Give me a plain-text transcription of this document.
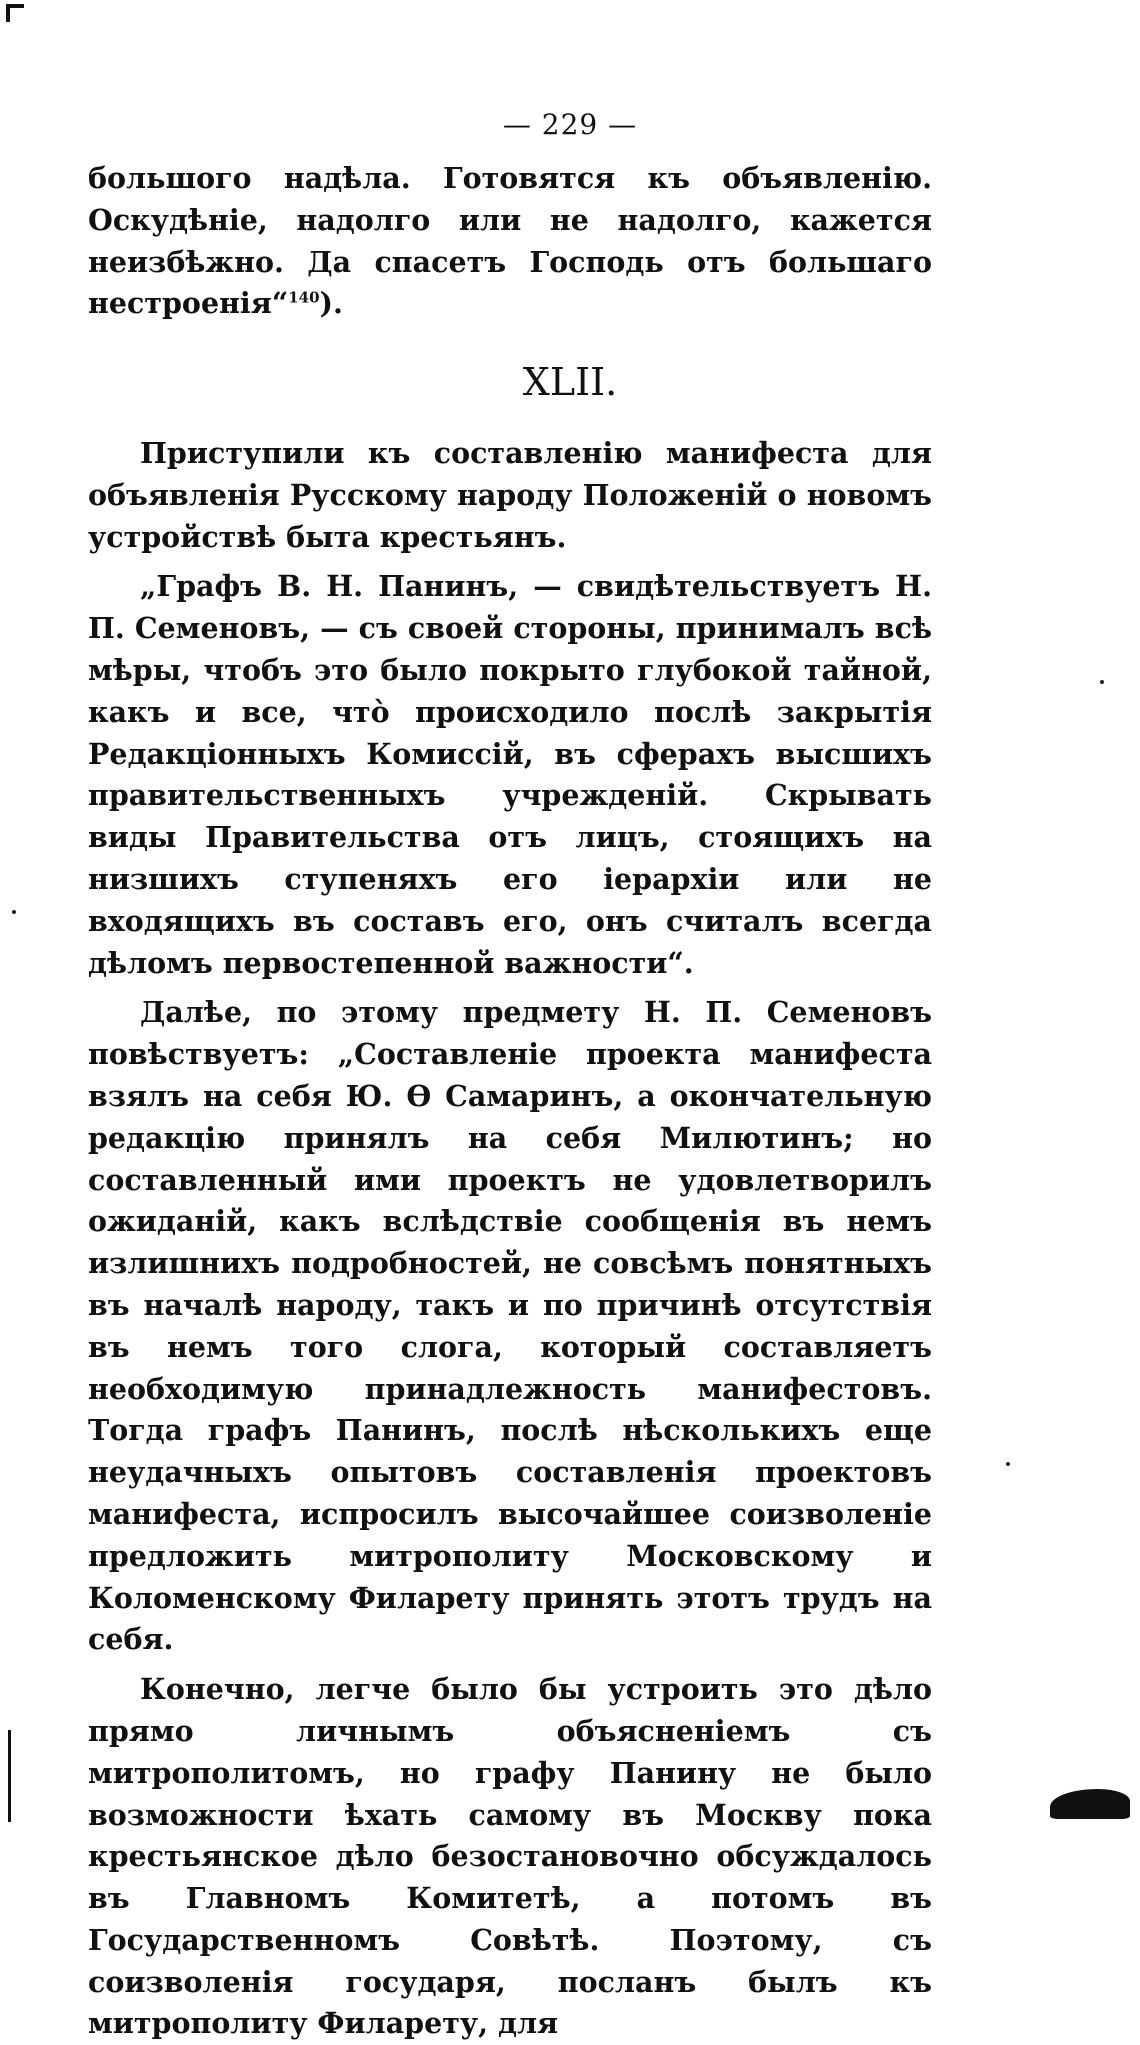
— 229 —

большого надѣла. Готовятся къ объявленію. Оскудѣніе, надолго или не надолго, кажется неизбѣжно. Да спасетъ Господь отъ большаго нестроенія“$^{140}$).

XLII.

Приступили къ составленію манифеста для объявленія Русскому народу Положеній о новомъ устройствѣ быта крестьянъ.

„Графъ В. Н. Панинъ, — свидѣтельствуетъ Н. П. Семеновъ, — съ своей стороны, принималъ всѣ мѣры, чтобъ это было покрыто глубокой тайной, какъ и все, чтò происходило послѣ закрытія Редакціонныхъ Комиссій, въ сферахъ высшихъ правительственныхъ учрежденій. Скрывать виды Правительства отъ лицъ, стоящихъ на низшихъ ступеняхъ его іерархіи или не входящихъ въ составъ его, онъ считалъ всегда дѣломъ первостепенной важности“.

Далѣе, по этому предмету Н. П. Семеновъ повѣствуетъ: „Составленіе проекта манифеста взялъ на себя Ю. Ѳ Самаринъ, а окончательную редакцію принялъ на себя Милютинъ; но составленный ими проектъ не удовлетворилъ ожиданій, какъ вслѣдствіе сообщенія въ немъ излишнихъ подробностей, не совсѣмъ понятныхъ въ началѣ народу, такъ и по причинѣ отсутствія въ немъ того слога, который составляетъ необходимую принадлежность манифестовъ. Тогда графъ Панинъ, послѣ нѣсколькихъ еще неудачныхъ опытовъ составленія проектовъ манифеста, испросилъ высочайшее соизволеніе предложить митрополиту Московскому и Коломенскому Филарету принять этотъ трудъ на себя.

Конечно, легче было бы устроить это дѣло прямо личнымъ объясненіемъ съ митрополитомъ, но графу Панину не было возможности ѣхать самому въ Москву пока крестьянское дѣло безостановочно обсуждалось въ Главномъ Комитетѣ, а потомъ въ Государственномъ Совѣтѣ. Поэтому, съ соизволенія государя, посланъ былъ къ митрополиту Филарету, для
